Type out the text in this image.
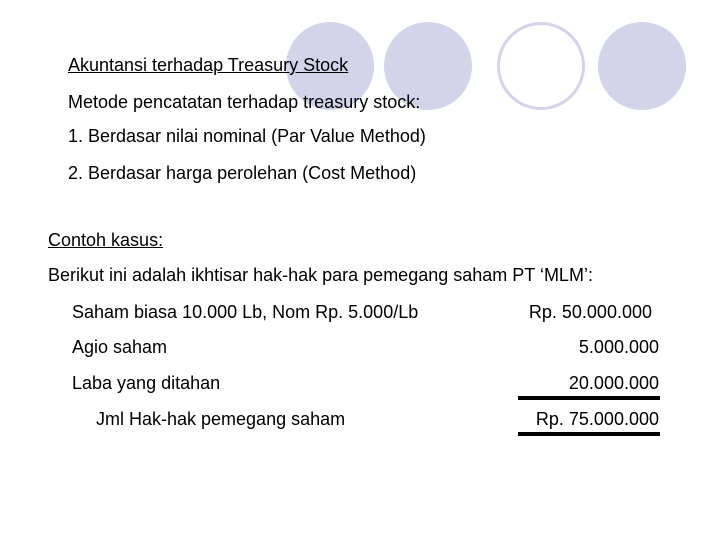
Akuntansi terhadap Treasury Stock
Metode pencatatan terhadap treasury stock:
1. Berdasar nilai nominal (Par Value Method)
2. Berdasar harga perolehan (Cost Method)
Contoh kasus:
Berikut ini adalah ikhtisar hak-hak para pemegang saham PT ‘MLM’:
Saham biasa 10.000 Lb, Nom Rp. 5.000/Lb	Rp. 50.000.000
Agio saham	5.000.000
Laba yang ditahan	20.000.000
Jml Hak-hak pemegang saham	Rp. 75.000.000
